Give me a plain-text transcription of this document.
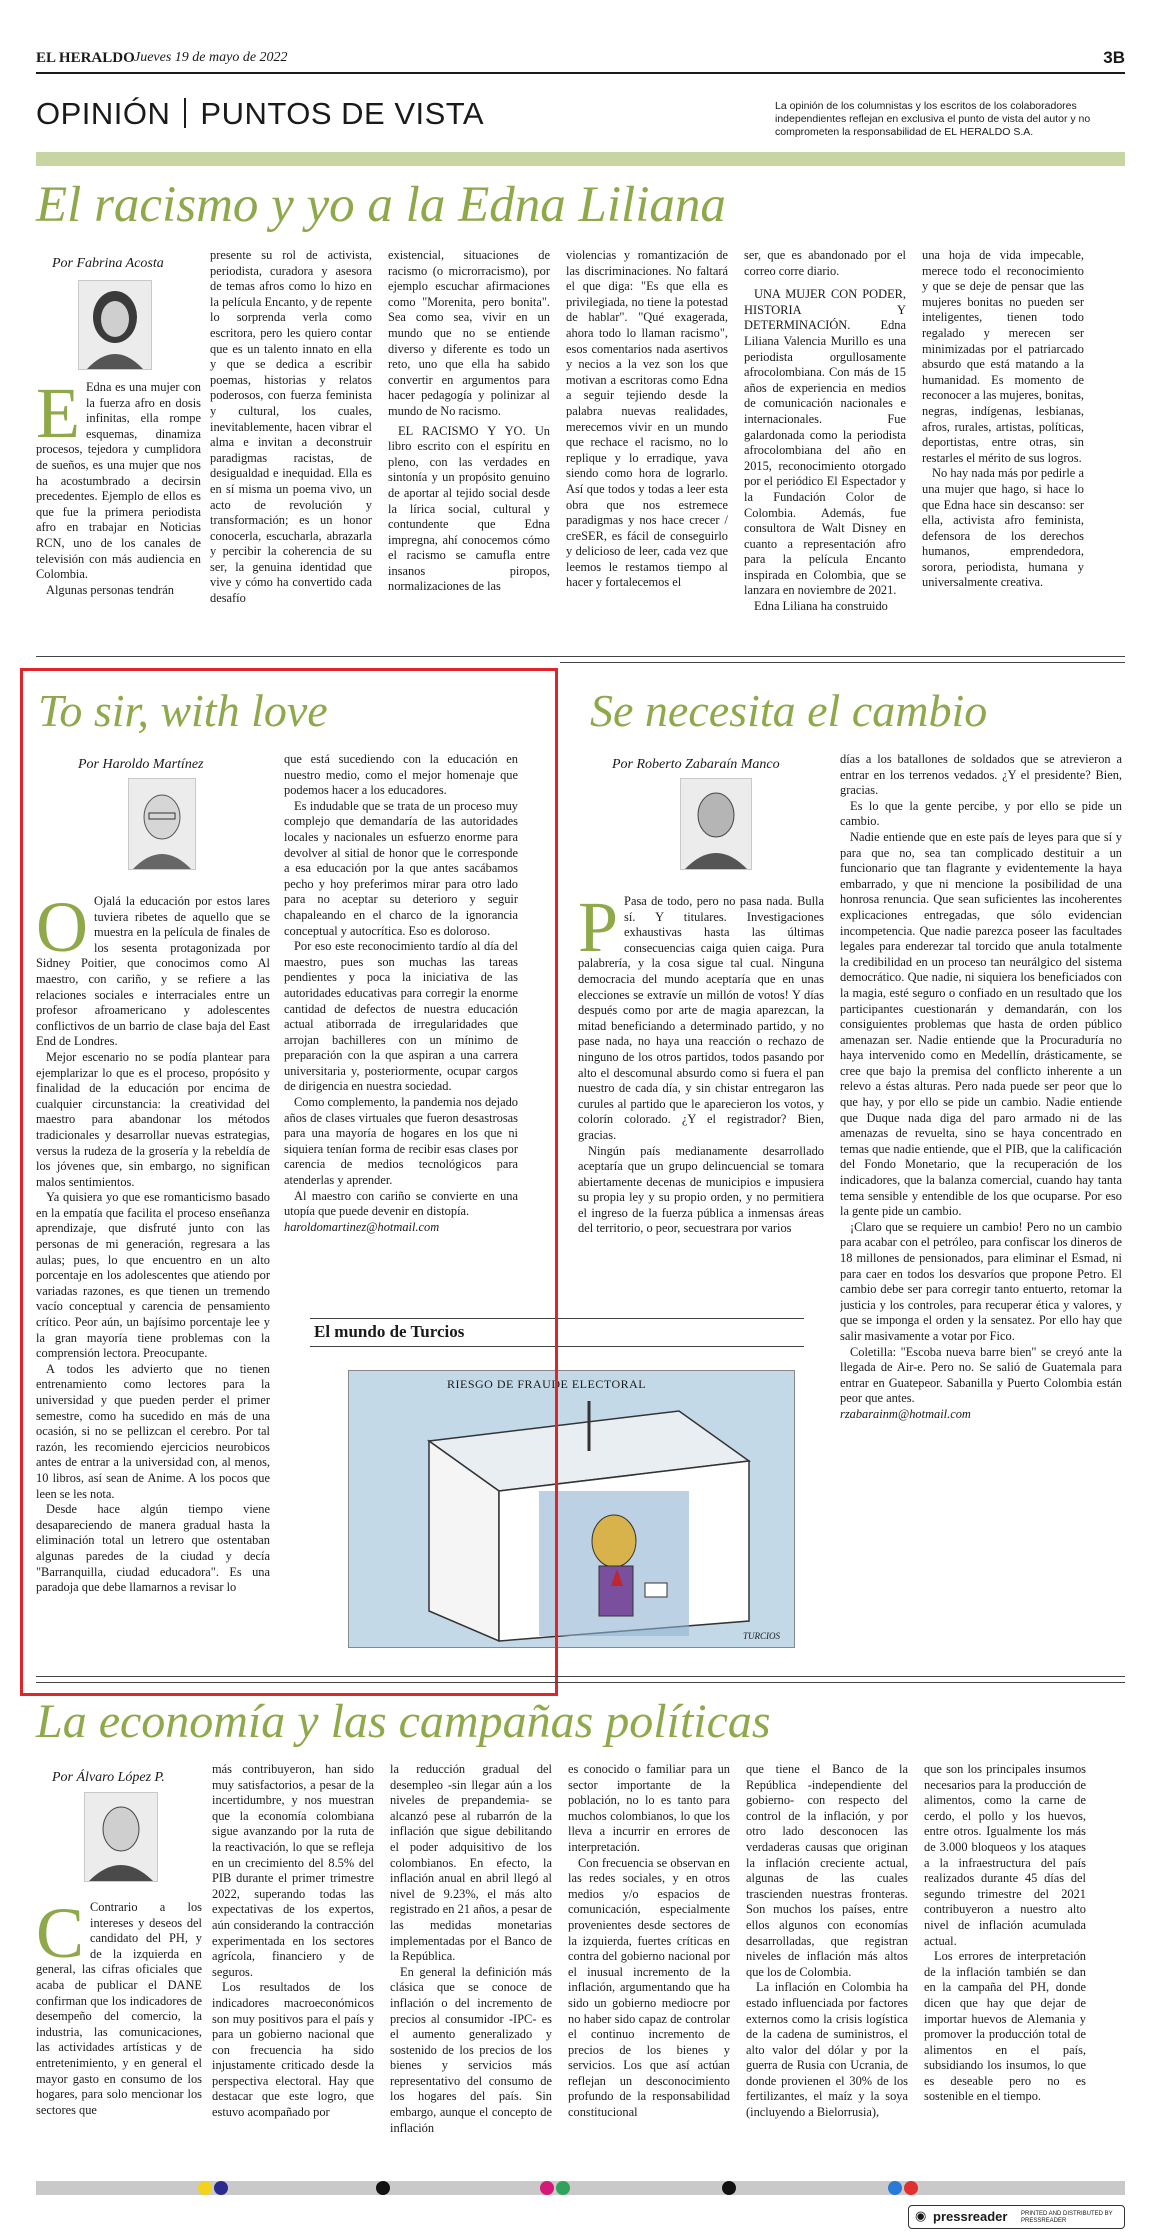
EL HERALDO Jueves 19 de mayo de 2022	3B
OPINIÓN PUNTOS DE VISTA	La opinión de los columnistas y los escritos de los colaboradores independientes reflejan en exclusiva el punto de vista del autor y no comprometen la responsabilidad de EL HERALDO S.A.
El racismo y yo a la Edna Liliana
Por Fabrina Acosta
E Edna es una mujer con la fuerza afro en dosis infinitas, ella rompe esquemas, dinamiza procesos, tejedora y cumplidora de sueños, es una mujer que nos ha acostumbrado a decirsin precedentes. Ejemplo de ellos es que fue la primera periodista afro en trabajar en Noticias RCN, uno de los canales de televisión con más audiencia en Colombia.

Algunas personas tendrán

presente su rol de activista, periodista, curadora y asesora de temas afros como lo hizo en la película Encanto, y de repente lo sorprenda verla como escritora, pero les quiero contar que es un talento innato en ella y que se dedica a escribir poemas, historias y relatos poderosos, con fuerza feminista y cultural, los cuales, inevitablemente, hacen vibrar el alma e invitan a deconstruir paradigmas racistas, de desigualdad e inequidad. Ella es en sí misma un poema vivo, un acto de revolución y transformación; es un honor conocerla, escucharla, abrazarla y percibir la coherencia de su ser, la genuina identidad que vive y cómo ha convertido cada desafío

existencial, situaciones de racismo (o microrracismo), por ejemplo escuchar afirmaciones como "Morenita, pero bonita". Sea como sea, vivir en un mundo que no se entiende diverso y diferente es todo un reto, uno que ella ha sabido convertir en argumentos para hacer pedagogía y polinizar al mundo de No racismo.

EL RACISMO Y YO. Un libro escrito con el espíritu en pleno, con las verdades en sintonía y un propósito genuino de aportar al tejido social desde la lírica social, cultural y contundente que Edna impregna, ahí conocemos cómo el racismo se camufla entre insanos piropos, normalizaciones de las

violencias y romantización de las discriminaciones. No faltará el que diga: "Es que ella es privilegiada, no tiene la potestad de hablar". "Qué exagerada, ahora todo lo llaman racismo", esos comentarios nada asertivos y necios a la vez son los que motivan a escritoras como Edna a seguir tejiendo desde la palabra nuevas realidades, merecemos vivir en un mundo que rechace el racismo, no lo replique y lo erradique, yava siendo como hora de lograrlo. Así que todos y todas a leer esta obra que nos estremece paradigmas y nos hace crecer / creSER, es fácil de conseguirlo y delicioso de leer, cada vez que leemos le restamos tiempo al hacer y fortalecemos el

ser, que es abandonado por el correo corre diario.

UNA MUJER CON PODER, HISTORIA Y DETERMINACIÓN. Edna Liliana Valencia Murillo es una periodista orgullosamente afrocolombiana. Con más de 15 años de experiencia en medios de comunicación nacionales e internacionales. Fue galardonada como la periodista afrocolombiana del año en 2015, reconocimiento otorgado por el periódico El Espectador y la Fundación Color de Colombia. Además, fue consultora de Walt Disney en cuanto a representación afro para la película Encanto inspirada en Colombia, que se lanzara en noviembre de 2021.

Edna Liliana ha construido

una hoja de vida impecable, merece todo el reconocimiento y que se deje de pensar que las mujeres bonitas no pueden ser inteligentes, tienen todo regalado y merecen ser minimizadas por el patriarcado absurdo que está matando a la humanidad. Es momento de reconocer a las mujeres, bonitas, negras, indígenas, lesbianas, afros, rurales, artistas, políticas, deportistas, entre otras, sin restarles el mérito de sus logros.

No hay nada más por pedirle a una mujer que hago, si hace lo que Edna hace sin descanso: ser ella, activista afro feminista, defensora de los derechos humanos, emprendedora, sorora, periodista, humana y universalmente creativa.

To sir, with love
Por Haroldo Martínez
O Ojalá la educación por estos lares tuviera ribetes de aquello que se muestra en la película de finales de los sesenta protagonizada por Sidney Poitier, que conocimos como Al maestro, con cariño, y se refiere a las relaciones sociales e interraciales entre un profesor afroamericano y adolescentes conflictivos de un barrio de clase baja del East End de Londres.

Mejor escenario no se podía plantear para ejemplarizar lo que es el proceso, propósito y finalidad de la educación por encima de cualquier circunstancia: la creatividad del maestro para abandonar los métodos tradicionales y desarrollar nuevas estrategias, versus la rudeza de la grosería y la rebeldía de los jóvenes que, sin embargo, no significan malos sentimientos.

Ya quisiera yo que ese romanticismo basado en la empatía que facilita el proceso enseñanza aprendizaje, que disfruté junto con las personas de mi generación, regresara a las aulas; pues, lo que encuentro en un alto porcentaje en los adolescentes que atiendo por variadas razones, es que tienen un tremendo vacío conceptual y carencia de pensamiento crítico. Peor aún, un bajísimo porcentaje lee y la gran mayoría tiene problemas con la comprensión lectora. Preocupante.

A todos les advierto que no tienen entrenamiento como lectores para la universidad y que pueden perder el primer semestre, como ha sucedido en más de una ocasión, si no se pellizcan el cerebro. Por tal razón, les recomiendo ejercicios neurobicos antes de entrar a la universidad con, al menos, 10 libros, así sean de Anime. A los pocos que leen se les nota.

Desde hace algún tiempo viene desapareciendo de manera gradual hasta la eliminación total un letrero que ostentaban algunas paredes de la ciudad y decía "Barranquilla, ciudad educadora". Es una paradoja que debe llamarnos a revisar lo

que está sucediendo con la educación en nuestro medio, como el mejor homenaje que podemos hacer a los educadores.

Es indudable que se trata de un proceso muy complejo que demandaría de las autoridades locales y nacionales un esfuerzo enorme para devolver al sitial de honor que le corresponde a esa educación por la que antes sacábamos pecho y hoy preferimos mirar para otro lado para no aceptar su deterioro y seguir chapaleando en el charco de la ignorancia conceptual y autocrítica. Eso es doloroso.

Por eso este reconocimiento tardío al día del maestro, pues son muchas las tareas pendientes y poca la iniciativa de las autoridades educativas para corregir la enorme cantidad de defectos de nuestra educación actual atiborrada de irregularidades que arrojan bachilleres con un mínimo de preparación con la que aspiran a una carrera universitaria y, posteriormente, ocupar cargos de dirigencia en nuestra sociedad.

Como complemento, la pandemia nos dejado años de clases virtuales que fueron desastrosas para una mayoría de hogares en los que ni siquiera tenían forma de recibir esas clases por carencia de medios tecnológicos para atenderlas y aprender.

Al maestro con cariño se convierte en una utopía que puede devenir en distopía.

haroldomartinez@hotmail.com

El mundo de Turcios
RIESGO DE FRAUDE ELECTORAL
TURCIOS
Se necesita el cambio
Por Roberto Zabaraín Manco
P Pasa de todo, pero no pasa nada. Bulla sí. Y titulares. Investigaciones exhaustivas hasta las últimas consecuencias caiga quien caiga. Pura palabrería, y la cosa sigue tal cual. Ninguna democracia del mundo aceptaría que en unas elecciones se extravíe un millón de votos! Y días después como por arte de magia aparezcan, la mitad beneficiando a determinado partido, y no pase nada, no haya una reacción o rechazo de ninguno de los otros partidos, todos pasando por alto el descomunal absurdo como si fuera el pan nuestro de cada día, y sin chistar entregaron las curules al partido que le aparecieron los votos, y colorín colorado. ¿Y el registrador? Bien, gracias.

Ningún país medianamente desarrollado aceptaría que un grupo delincuencial se tomara abiertamente decenas de municipios e impusiera su propia ley y su propio orden, y no permitiera el ingreso de la fuerza pública a inmensas áreas del territorio, o peor, secuestrara por varios

días a los batallones de soldados que se atrevieron a entrar en los terrenos vedados. ¿Y el presidente? Bien, gracias.

Es lo que la gente percibe, y por ello se pide un cambio.

Nadie entiende que en este país de leyes para que sí y para que no, sea tan complicado destituir a un funcionario que tan flagrante y evidentemente la haya embarrado, y que ni mencione la posibilidad de una honrosa renuncia. Que sean suficientes las incoherentes explicaciones entregadas, que sólo evidencian incompetencia. Que nadie parezca poseer las facultades legales para enderezar tal torcido que anula totalmente la credibilidad en un proceso tan neurálgico del sistema democrático. Que nadie, ni siquiera los beneficiados con la magia, esté seguro o confiado en un resultado que los participantes cuestionarán y demandarán, con los consiguientes problemas que hasta de orden público amenazan ser. Nadie entiende que la Procuraduría no haya intervenido como en Medellín, drásticamente, se cree que bajo la premisa del conflicto inherente a un relevo a éstas alturas. Pero nada puede ser peor que lo que hay, y por ello se pide un cambio. Nadie entiende que Duque nada diga del paro armado ni de las amenazas de revuelta, sino se haya concentrado en temas que nadie entiende, que el PIB, que la calificación del Fondo Monetario, que la recuperación de los indicadores, que la balanza comercial, cuando hay tanta tema sensible y entendible de los que ocuparse. Por eso la gente pide un cambio.

¡Claro que se requiere un cambio! Pero no un cambio para acabar con el petróleo, para confiscar los dineros de 18 millones de pensionados, para eliminar el Esmad, ni para caer en todos los desvaríos que propone Petro. El cambio debe ser para corregir tanto entuerto, retomar la justicia y los controles, para recuperar ética y valores, y que se imponga el orden y la sensatez. Por ello hay que salir masivamente a votar por Fico.

Coletilla: "Escoba nueva barre bien" se creyó ante la llegada de Air-e. Pero no. Se salió de Guatemala para entrar en Guatepeor. Sabanilla y Puerto Colombia están peor que antes.

rzabarainm@hotmail.com

La economía y las campañas políticas
Por Álvaro López P.
C Contrario a los intereses y deseos del candidato del PH, y de la izquierda en general, las cifras oficiales que acaba de publicar el DANE confirman que los indicadores de desempeño del comercio, la industria, las comunicaciones, las actividades artísticas y de entretenimiento, y en general el mayor gasto en consumo de los hogares, para solo mencionar los sectores que

más contribuyeron, han sido muy satisfactorios, a pesar de la incertidumbre, y nos muestran que la economía colombiana sigue avanzando por la ruta de la reactivación, lo que se refleja en un crecimiento del 8.5% del PIB durante el primer trimestre 2022, superando todas las expectativas de los expertos, aún considerando la contracción experimentada en los sectores agrícola, financiero y de seguros.

Los resultados de los indicadores macroeconómicos son muy positivos para el país y para un gobierno nacional que con frecuencia ha sido injustamente criticado desde la perspectiva electoral. Hay que destacar que este logro, que estuvo acompañado por

la reducción gradual del desempleo -sin llegar aún a los niveles de prepandemia- se alcanzó pese al rubarrón de la inflación que sigue debilitando el poder adquisitivo de los colombianos. En efecto, la inflación anual en abril llegó al nivel de 9.23%, el más alto registrado en 21 años, a pesar de las medidas monetarias implementadas por el Banco de la República.

En general la definición más clásica que se conoce de inflación o del incremento de precios al consumidor -IPC- es el aumento generalizado y sostenido de los precios de los bienes y servicios más representativo del consumo de los hogares del país. Sin embargo, aunque el concepto de inflación

es conocido o familiar para un sector importante de la población, no lo es tanto para muchos colombianos, lo que los lleva a incurrir en errores de interpretación.

Con frecuencia se observan en las redes sociales, y en otros medios y/o espacios de comunicación, especialmente provenientes desde sectores de la izquierda, fuertes críticas en contra del gobierno nacional por el inusual incremento de la inflación, argumentando que ha sido un gobierno mediocre por no haber sido capaz de controlar el continuo incremento de precios de los bienes y servicios. Los que así actúan reflejan un desconocimiento profundo de la responsabilidad constitucional

que tiene el Banco de la República -independiente del gobierno- con respecto del control de la inflación, y por otro lado desconocen las verdaderas causas que originan la inflación creciente actual, algunas de las cuales trascienden nuestras fronteras. Son muchos los países, entre ellos algunos con economías desarrolladas, que registran niveles de inflación más altos que los de Colombia.

La inflación en Colombia ha estado influenciada por factores externos como la crisis logística de la cadena de suministros, el alto valor del dólar y por la guerra de Rusia con Ucrania, de donde provienen el 30% de los fertilizantes, el maíz y la soya (incluyendo a Bielorrusia),

que son los principales insumos necesarios para la producción de alimentos, como la carne de cerdo, el pollo y los huevos, entre otros. Igualmente los más de 3.000 bloqueos y los ataques a la infraestructura del país realizados durante 45 días del segundo trimestre del 2021 contribuyeron a nuestro alto nivel de inflación acumulada actual.

Los errores de interpretación de la inflación también se dan en la campaña del PH, donde dicen que hay que dejar de importar huevos de Alemania y promover la producción total de alimentos en el país, subsidiando los insumos, lo que es deseable pero no es sostenible en el tiempo.

◉ pressreader PRINTED AND DISTRIBUTED BY PRESSREADER
